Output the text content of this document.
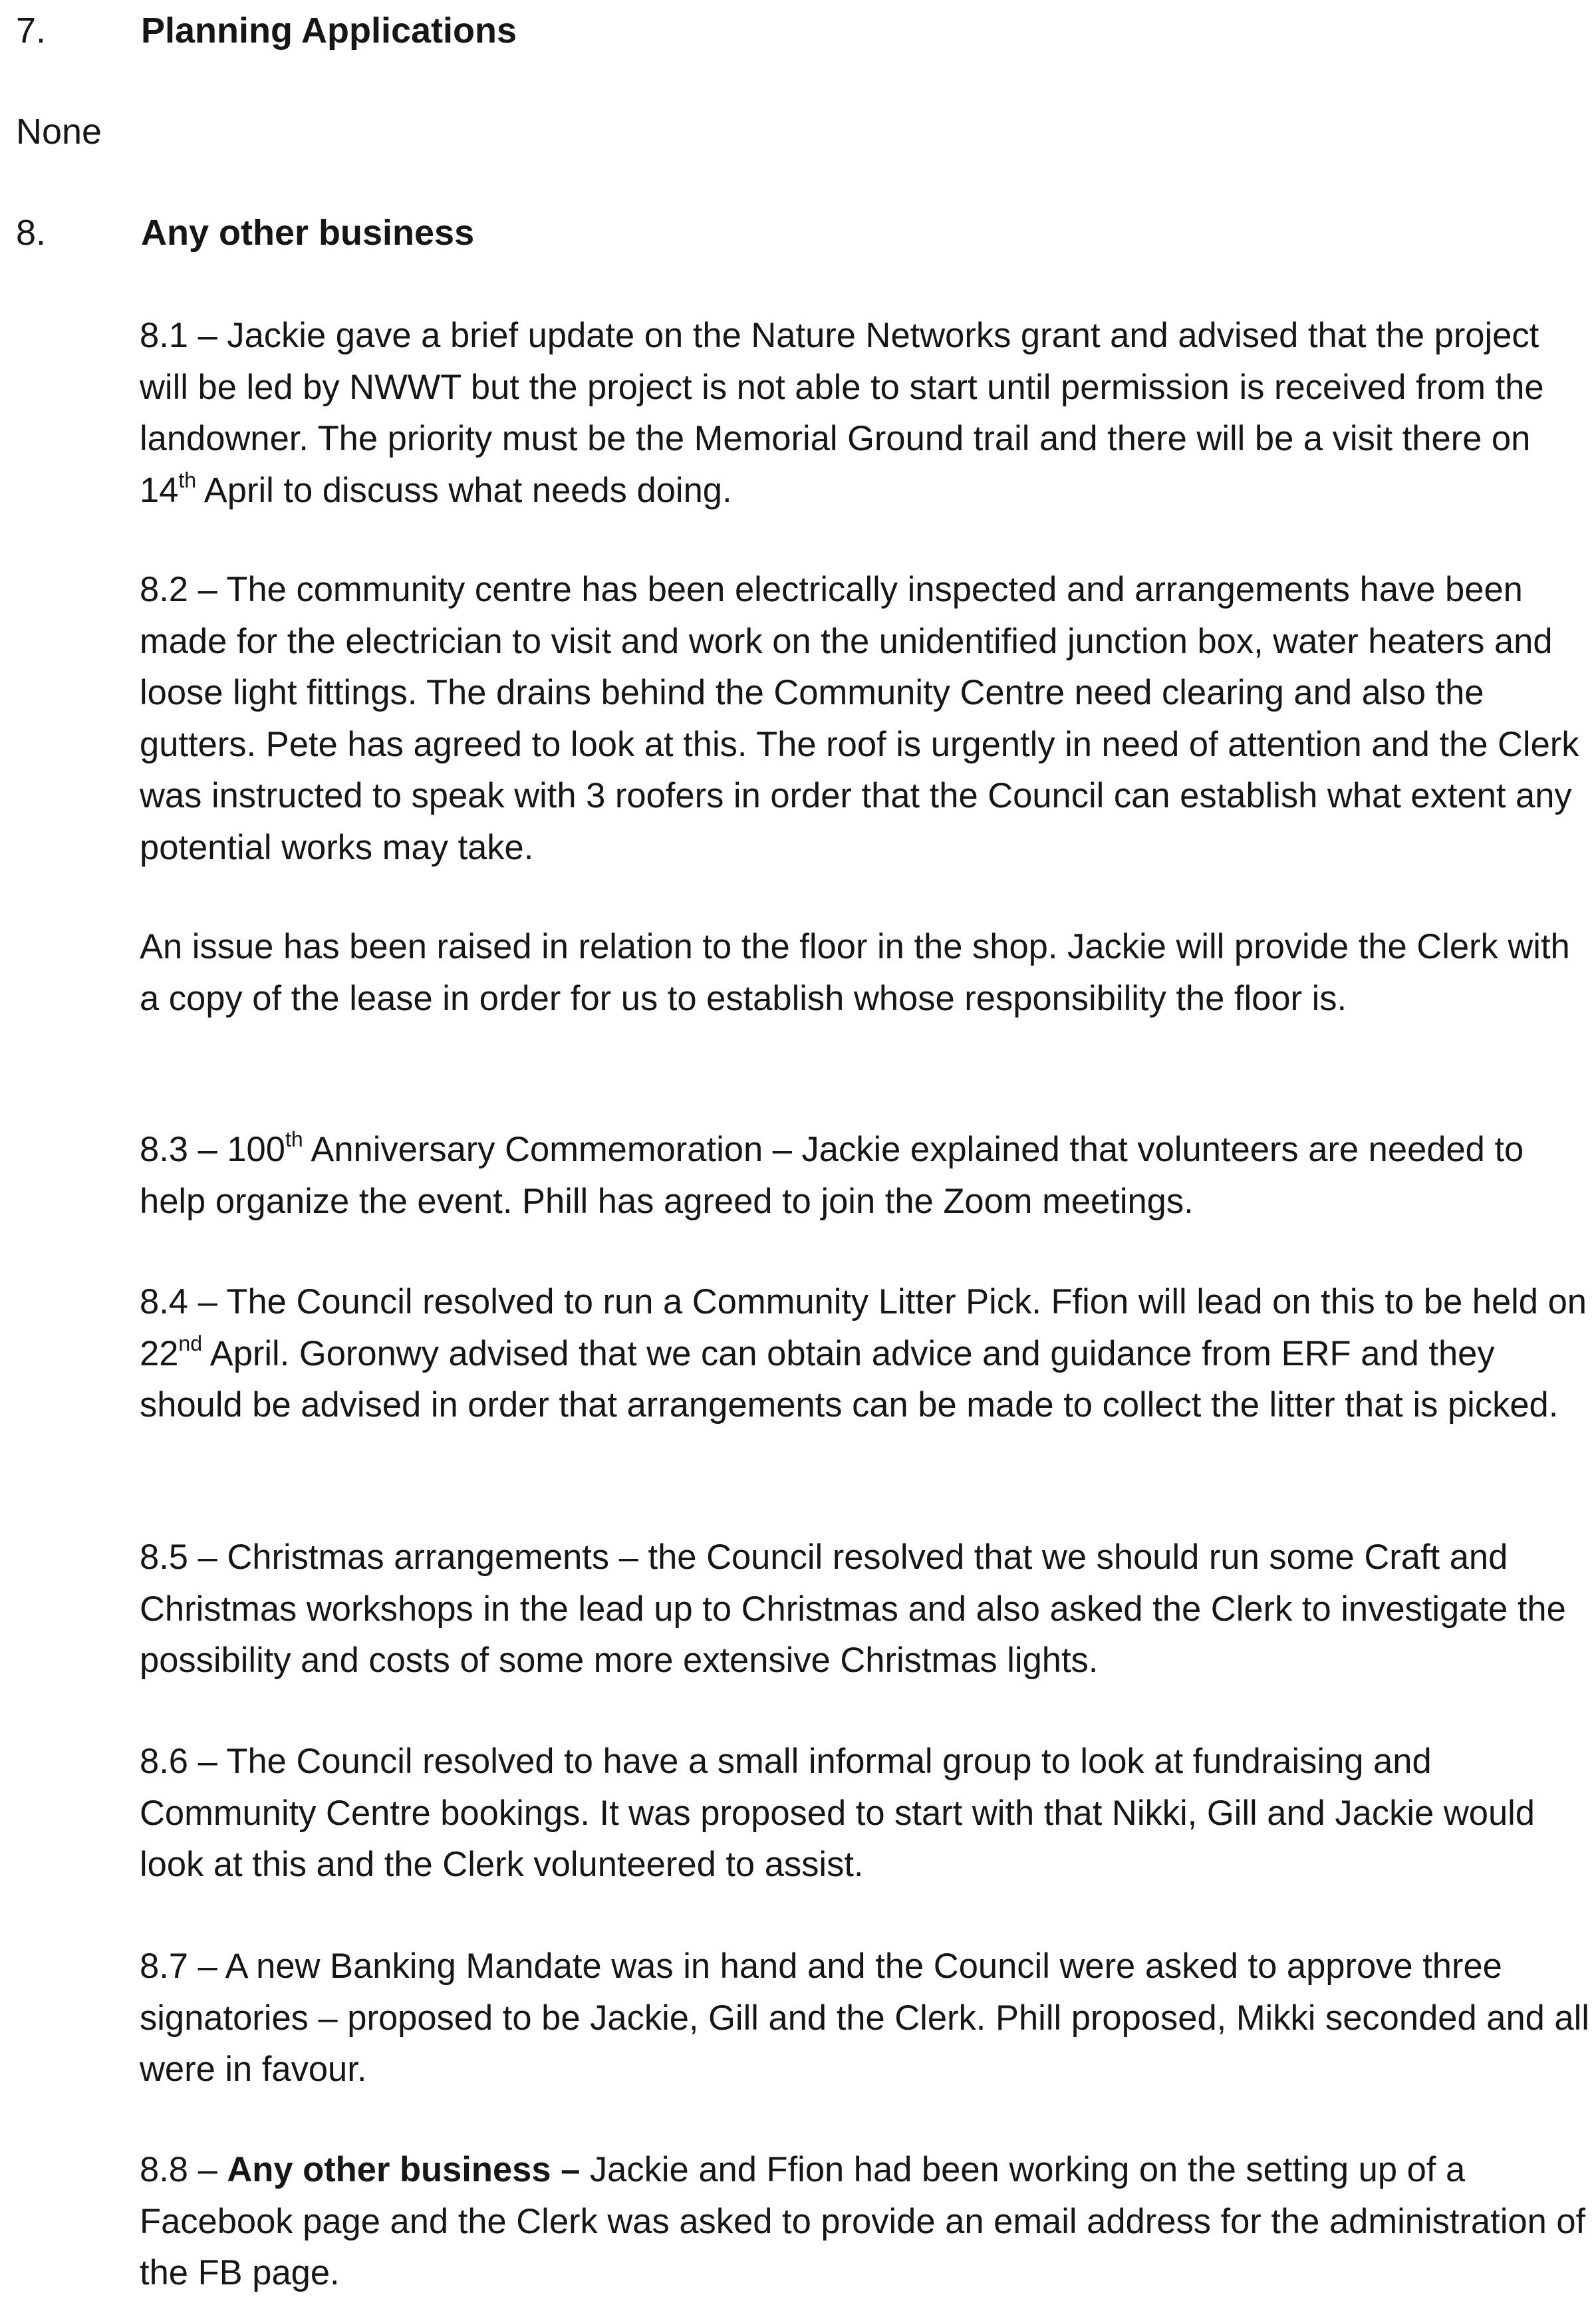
7.	Planning Applications
None
8.	Any other business

8.1 – Jackie gave a brief update on the Nature Networks grant and advised that the project will be led by NWWT but the project is not able to start until permission is received from the landowner. The priority must be the Memorial Ground trail and there will be a visit there on 14th April to discuss what needs doing.

8.2 – The community centre has been electrically inspected and arrangements have been made for the electrician to visit and work on the unidentified junction box, water heaters and loose light fittings. The drains behind the Community Centre need clearing and also the gutters. Pete has agreed to look at this. The roof is urgently in need of attention and the Clerk was instructed to speak with 3 roofers in order that the Council can establish what extent any potential works may take.

An issue has been raised in relation to the floor in the shop. Jackie will provide the Clerk with a copy of the lease in order for us to establish whose responsibility the floor is.

8.3 – 100th Anniversary Commemoration – Jackie explained that volunteers are needed to help organize the event. Phill has agreed to join the Zoom meetings.

8.4 – The Council resolved to run a Community Litter Pick. Ffion will lead on this to be held on 22nd April. Goronwy advised that we can obtain advice and guidance from ERF and they should be advised in order that arrangements can be made to collect the litter that is picked.

8.5 – Christmas arrangements – the Council resolved that we should run some Craft and Christmas workshops in the lead up to Christmas and also asked the Clerk to investigate the possibility and costs of some more extensive Christmas lights.

8.6 – The Council resolved to have a small informal group to look at fundraising and Community Centre bookings. It was proposed to start with that Nikki, Gill and Jackie would look at this and the Clerk volunteered to assist.

8.7 – A new Banking Mandate was in hand and the Council were asked to approve three signatories – proposed to be Jackie, Gill and the Clerk. Phill proposed, Mikki seconded and all were in favour.

8.8 – Any other business – Jackie and Ffion had been working on the setting up of a Facebook page and the Clerk was asked to provide an email address for the administration of the FB page.
